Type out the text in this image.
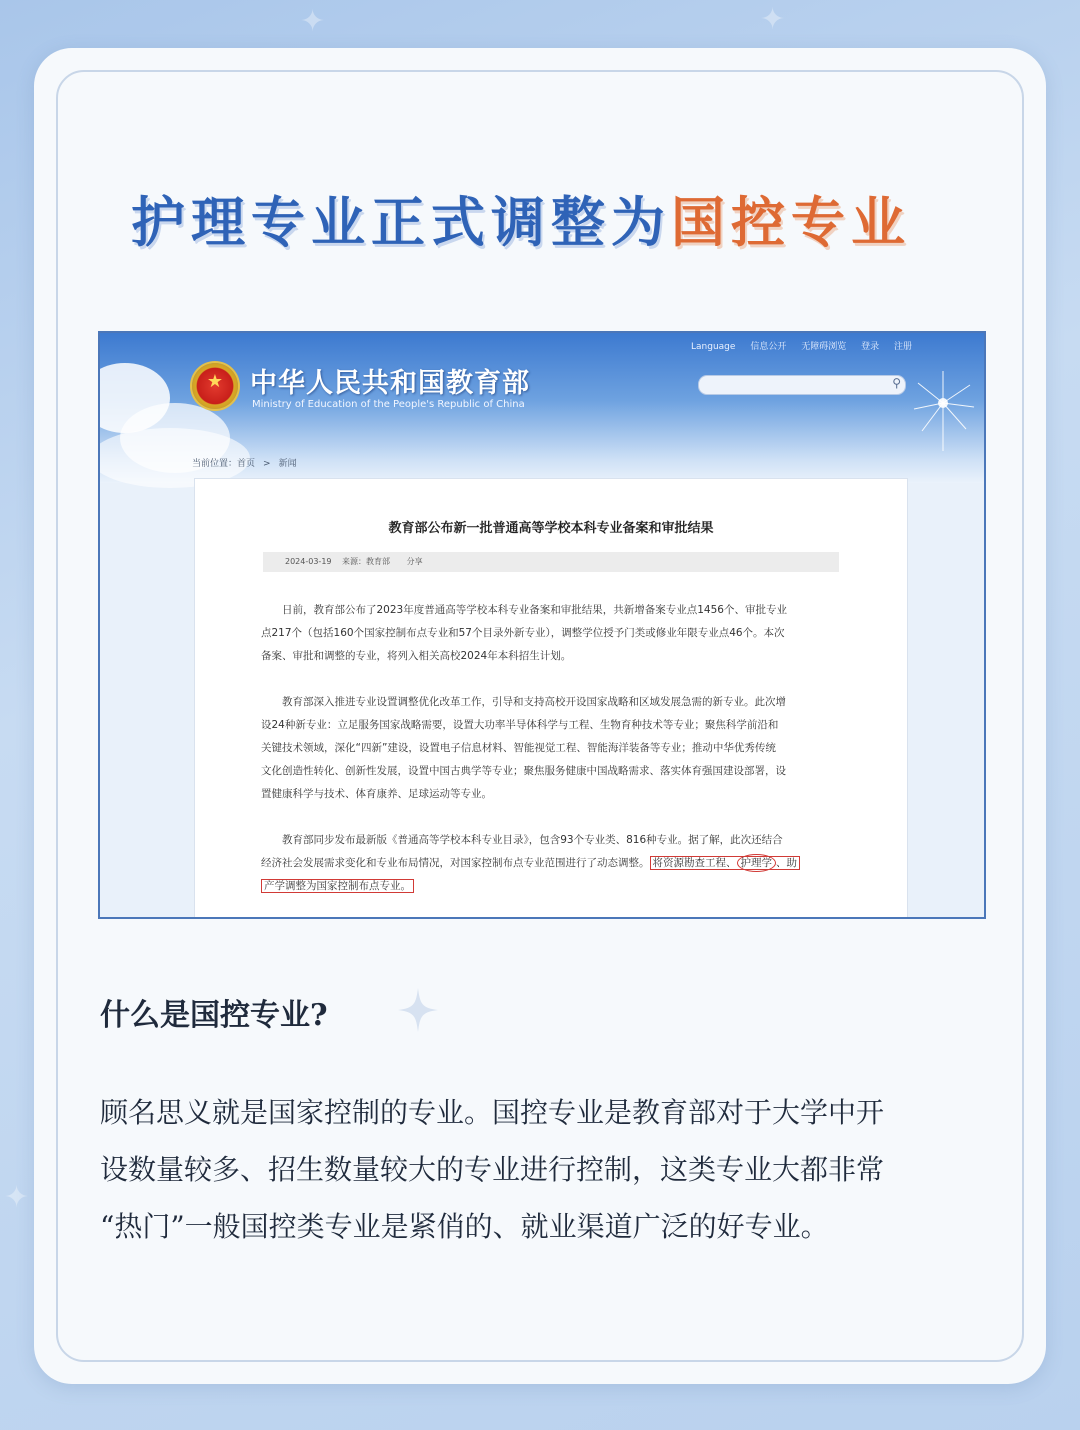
✦	✦
✦
护理专业正式调整为国控专业
Language 信息公开 无障碍浏览 登录 注册
★ 中华人民共和国教育部
Ministry of Education of the People's Republic of China
⚲
当前位置：首页 > 新闻
教育部公布新一批普通高等学校本科专业备案和审批结果
2024-03-19 来源：教育部 分享
日前，教育部公布了2023年度普通高等学校本科专业备案和审批结果，共新增备案专业点1456个、审批专业
点217个（包括160个国家控制布点专业和57个目录外新专业），调整学位授予门类或修业年限专业点46个。本次
备案、审批和调整的专业，将列入相关高校2024年本科招生计划。
教育部深入推进专业设置调整优化改革工作，引导和支持高校开设国家战略和区域发展急需的新专业。此次增
设24种新专业：立足服务国家战略需要，设置大功率半导体科学与工程、生物育种技术等专业；聚焦科学前沿和
关键技术领域，深化“四新”建设，设置电子信息材料、智能视觉工程、智能海洋装备等专业；推动中华优秀传统
文化创造性转化、创新性发展，设置中国古典学等专业；聚焦服务健康中国战略需求、落实体育强国建设部署，设
置健康科学与技术、体育康养、足球运动等专业。
教育部同步发布最新版《普通高等学校本科专业目录》，包含93个专业类、816种专业。据了解，此次还结合
经济社会发展需求变化和专业布局情况，对国家控制布点专业范围进行了动态调整。 将资源勘查工程、 护理学 、助
产学调整为国家控制布点专业。
什么是国控专业?
顾名思义就是国家控制的专业。国控专业是教育部对于大学中开
设数量较多、招生数量较大的专业进行控制，这类专业大都非常
“热门”一般国控类专业是紧俏的、就业渠道广泛的好专业。
